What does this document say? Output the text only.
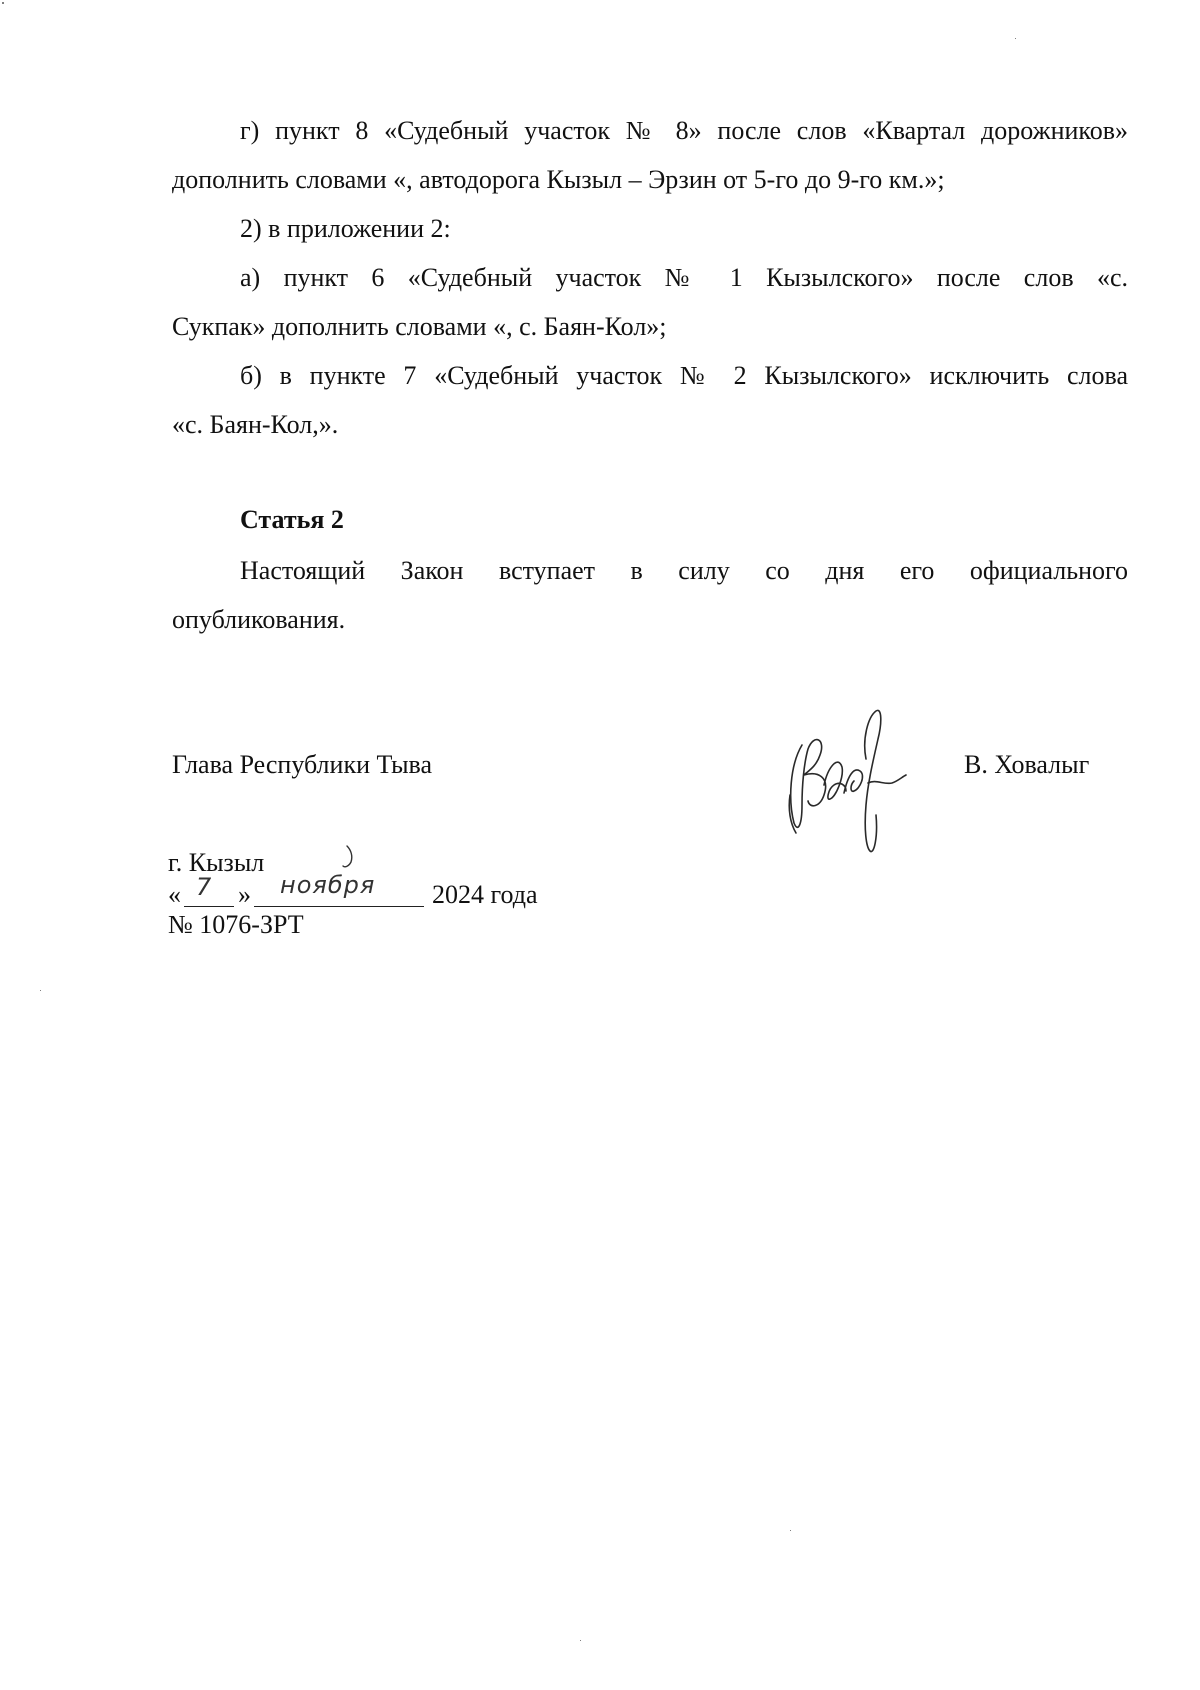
г) пункт 8 «Судебный участок № 8» после слов «Квартал дорожников»
дополнить словами «, автодорога Кызыл – Эрзин от 5-го до 9-го км.»;
2) в приложении 2:
а) пункт 6 «Судебный участок № 1 Кызылского» после слов «с.
Сукпак» дополнить словами «, с. Баян-Кол»;
б) в пункте 7 «Судебный участок № 2 Кызылского» исключить слова
«с. Баян-Кол,».
Статья 2
Настоящий Закон вступает в силу со дня его официального
опубликования.
Глава Республики Тыва	В. Ховалыг
г. Кызыл
« 7 » ноября 2024 года
№ 1076-ЗРТ
